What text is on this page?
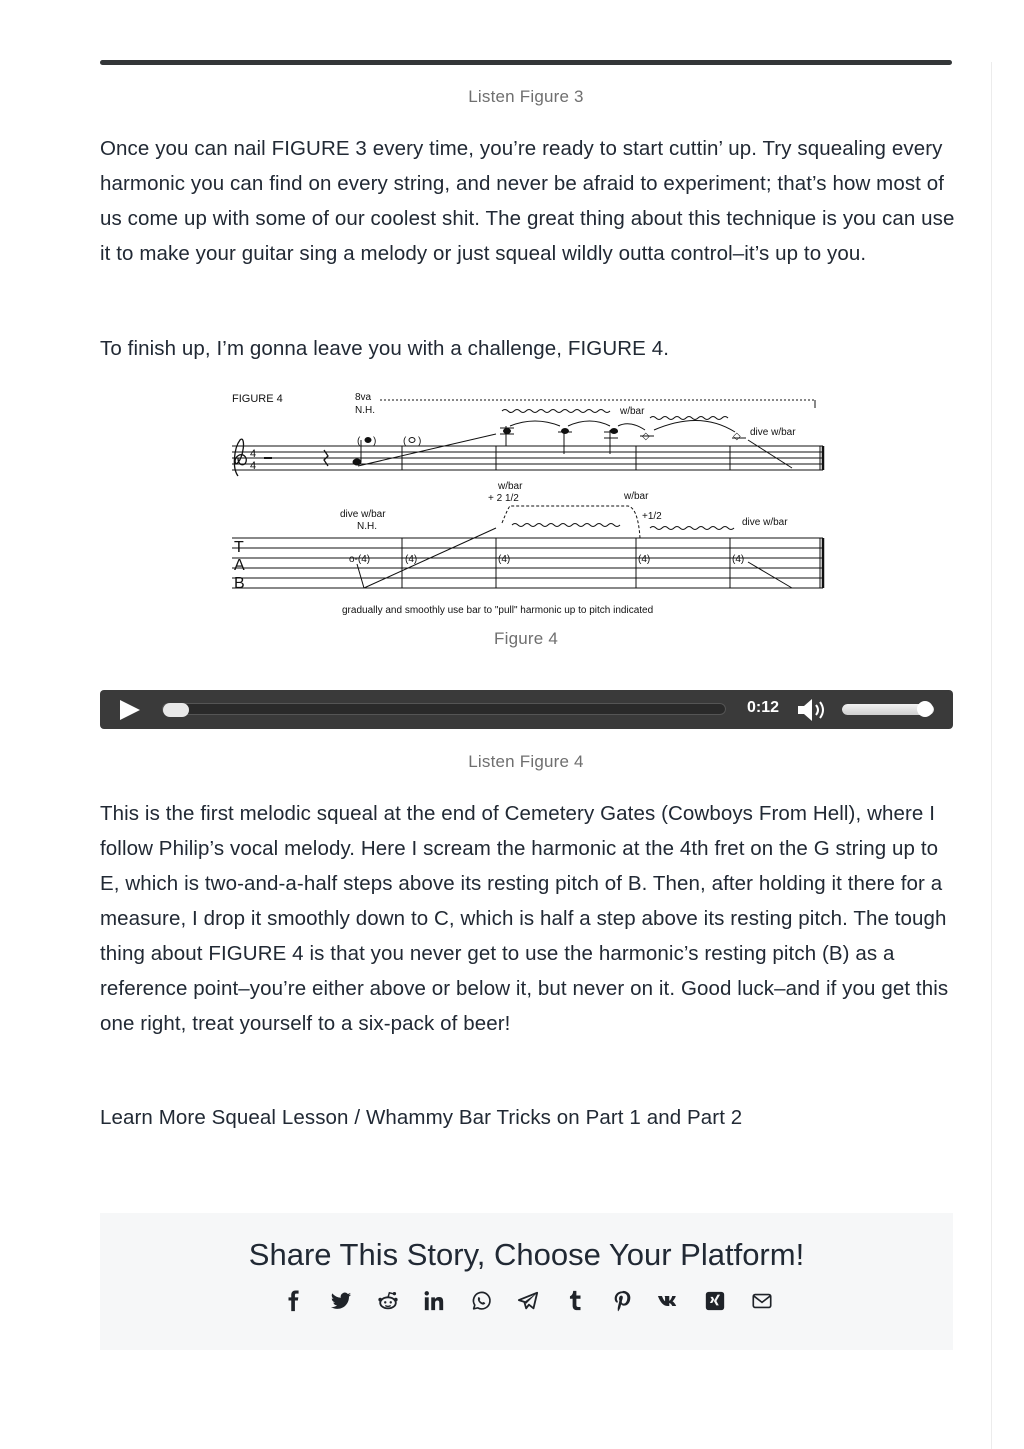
Listen Figure 3

Once you can nail FIGURE 3 every time, you’re ready to start cuttin’ up. Try squealing every harmonic you can find on every string, and never be afraid to experiment; that’s how most of us come up with some of our coolest shit. The great thing about this technique is you can use it to make your guitar sing a melody or just squeal wildly outta control–it’s up to you.

To finish up, I’m gonna leave you with a challenge, FIGURE 4.

FIGURE 4	8va
N.H.	w/bar
4
4
( )	( )	◇	◇ dive w/bar
w/bar
+ 2 1/2	w/bar
+1/2
dive w/bar
N.H.	dive w/bar
T
A
B
o-(4)	(4)	(4)	(4)	(4)
gradually and smoothly use bar to "pull" harmonic up to pitch indicated
Figure 4
0:12
Listen Figure 4

This is the first melodic squeal at the end of Cemetery Gates (Cowboys From Hell), where I follow Philip’s vocal melody. Here I scream the harmonic at the 4th fret on the G string up to E, which is two-and-a-half steps above its resting pitch of B. Then, after holding it there for a measure, I drop it smoothly down to C, which is half a step above its resting pitch. The tough thing about FIGURE 4 is that you never get to use the harmonic’s resting pitch (B) as a reference point–you’re either above or below it, but never on it. Good luck–and if you get this one right, treat yourself to a six-pack of beer!

Learn More Squeal Lesson / Whammy Bar Tricks on Part 1 and Part 2

Share This Story, Choose Your Platform!
